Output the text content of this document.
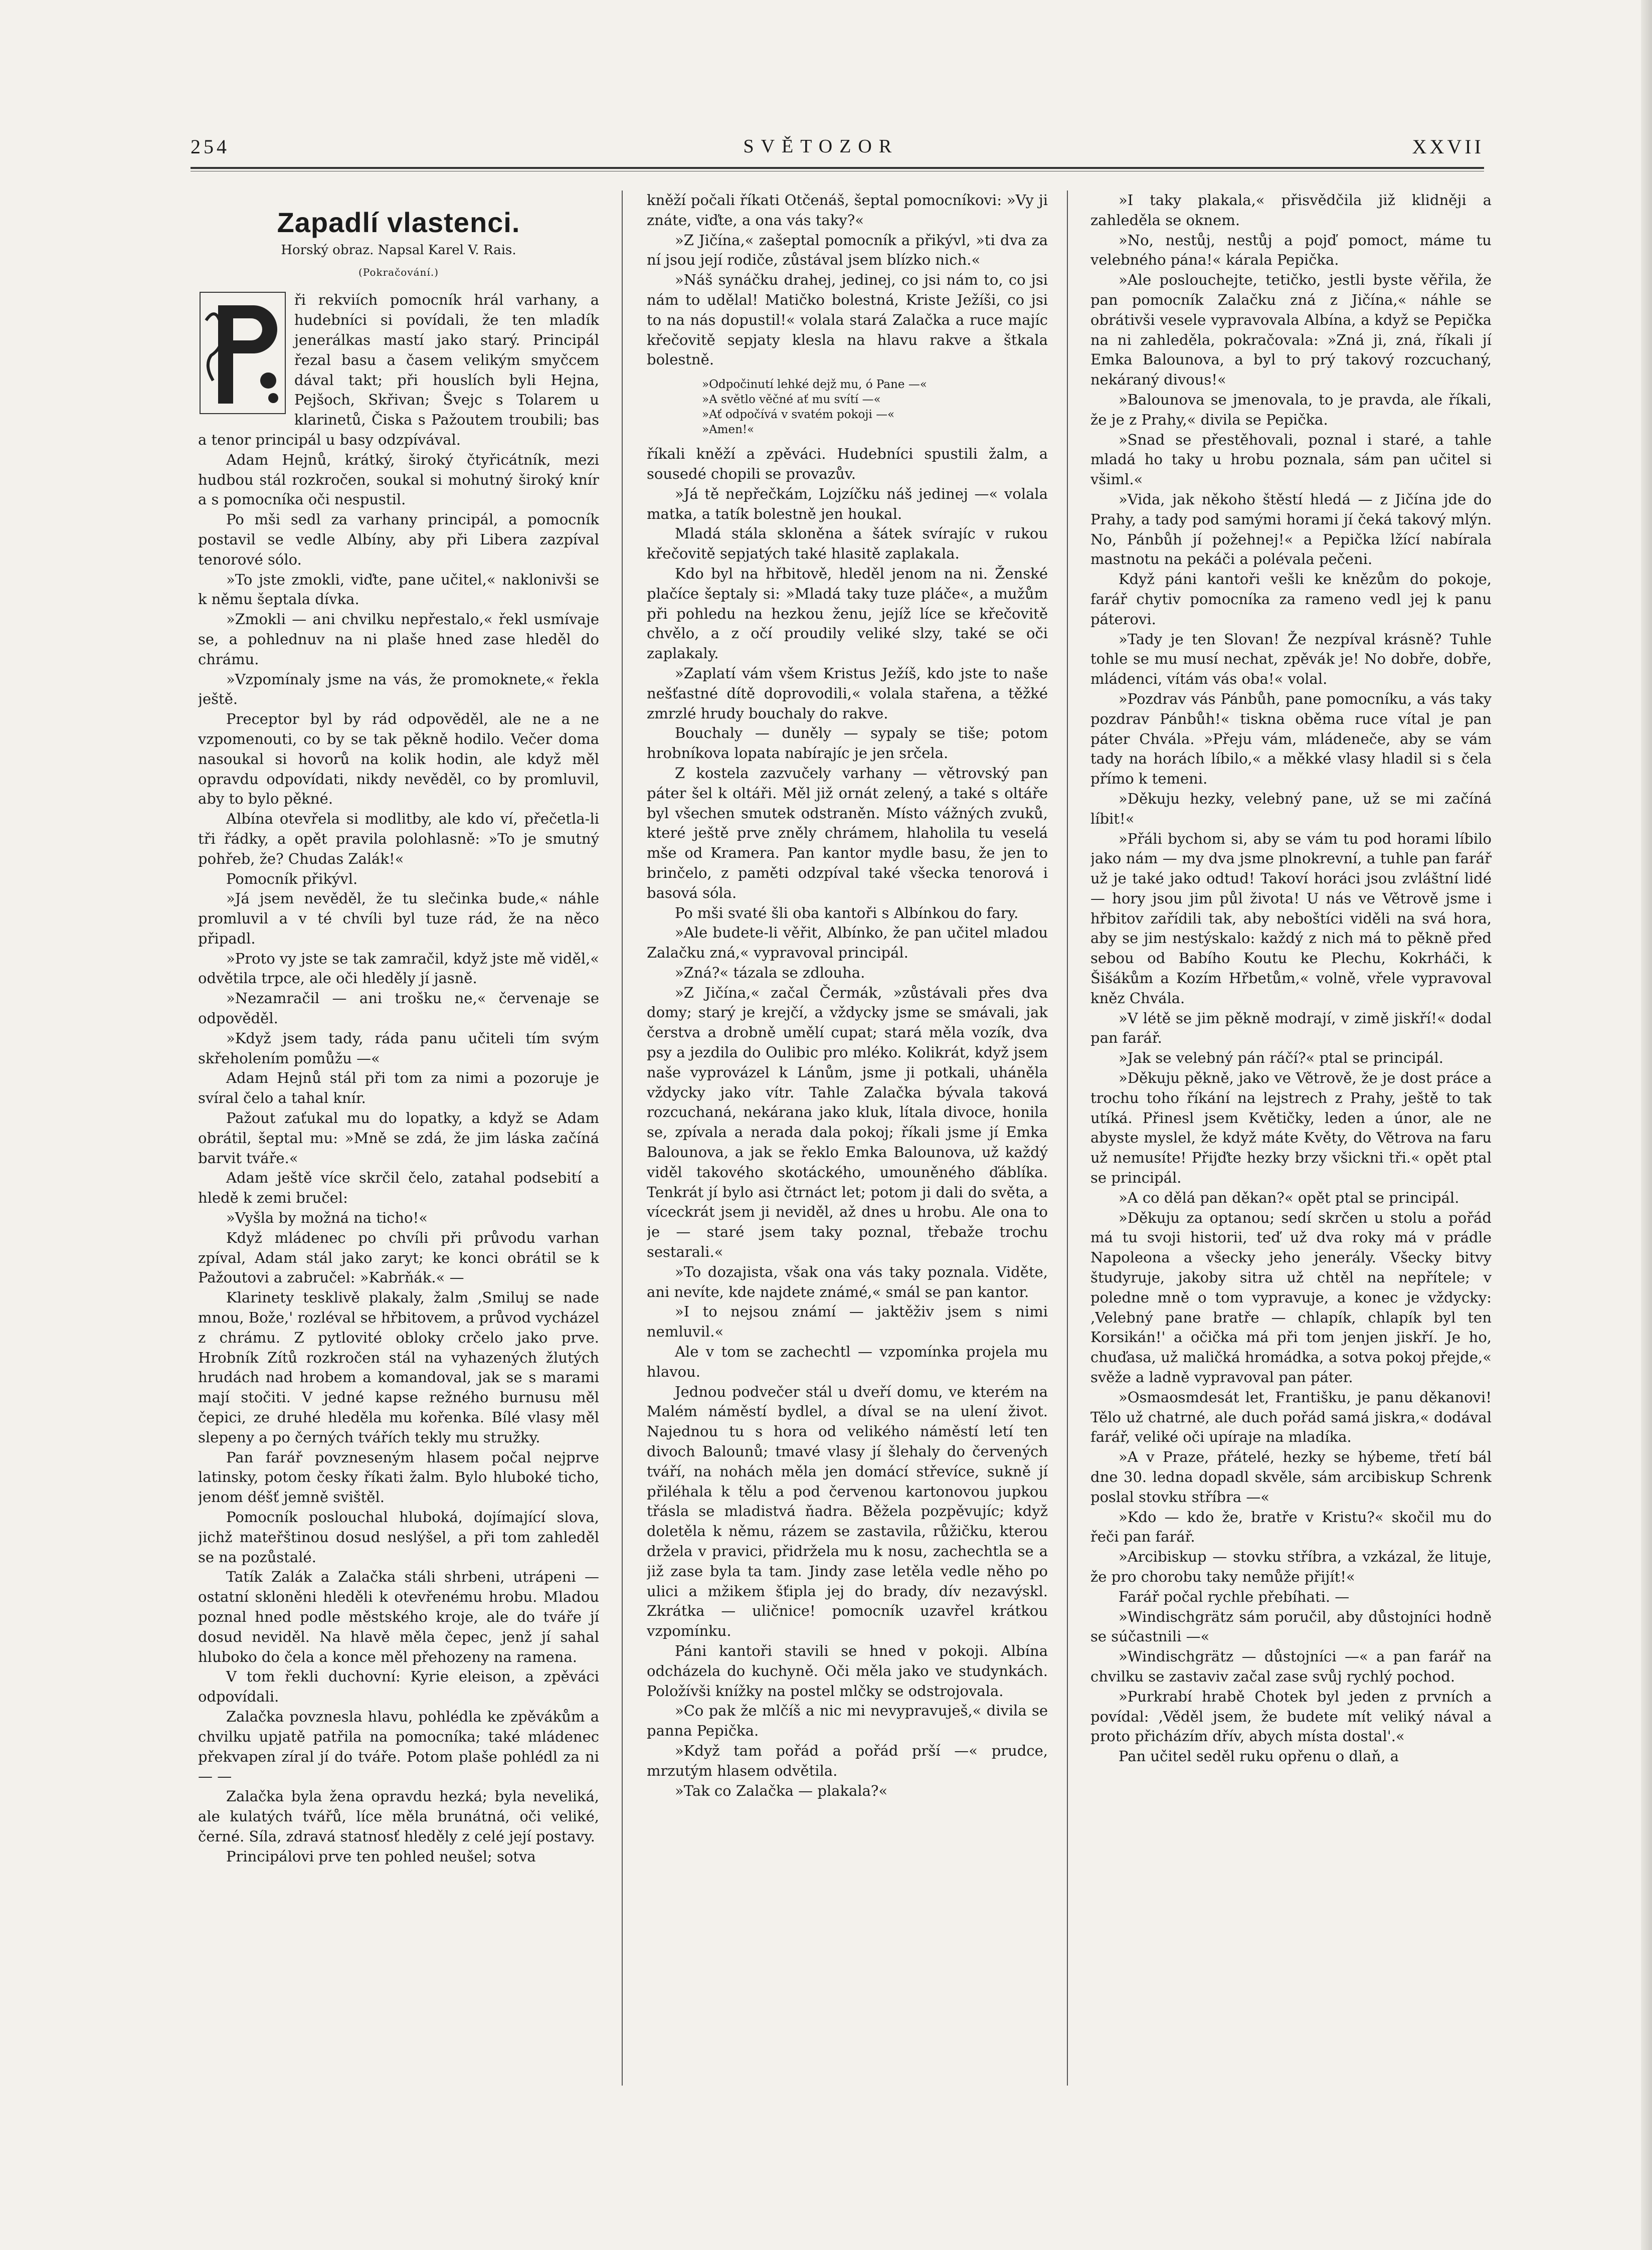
254	SVĚTOZOR	XXVII
Zapadlí vlastenci.
Horský obraz. Napsal Karel V. Rais.
(Pokračování.)
P

ři rekviích pomocník hrál varhany, a hudebníci si povídali, že ten mladík jenerálkas mastí jako starý. Principál řezal basu a časem velikým smyčcem dával takt; při houslích byli Hejna, Pejšoch, Skřivan; Švejc s Tolarem u klarinetů, Čiska s Pažoutem troubili; bas a tenor principál u basy odzpívával.

Adam Hejnů, krátký, široký čtyřicátník, mezi hudbou stál rozkročen, soukal si mohutný široký knír a s pomocníka oči nespustil.

Po mši sedl za varhany principál, a pomocník postavil se vedle Albíny, aby při Libera zazpíval tenorové sólo.

»To jste zmokli, viďte, pane učitel,« naklonivši se k němu šeptala dívka.

»Zmokli — ani chvilku nepřestalo,« řekl usmívaje se, a pohlednuv na ni plaše hned zase hleděl do chrámu.

»Vzpomínaly jsme na vás, že promoknete,« řekla ještě.

Preceptor byl by rád odpověděl, ale ne a ne vzpomenouti, co by se tak pěkně hodilo. Večer doma nasoukal si hovorů na kolik hodin, ale když měl opravdu odpovídati, nikdy nevěděl, co by promluvil, aby to bylo pěkné.

Albína otevřela si modlitby, ale kdo ví, přečetla-li tři řádky, a opět pravila polohlasně: »To je smutný pohřeb, že? Chudas Zalák!«

Pomocník přikývl.

»Já jsem nevěděl, že tu slečinka bude,« náhle promluvil a v té chvíli byl tuze rád, že na něco připadl.

»Proto vy jste se tak zamračil, když jste mě viděl,« odvětila trpce, ale oči hleděly jí jasně.

»Nezamračil — ani trošku ne,« červenaje se odpověděl.

»Když jsem tady, ráda panu učiteli tím svým skřeholením pomůžu —«

Adam Hejnů stál při tom za nimi a pozoruje je svíral čelo a tahal knír.

Pažout zaťukal mu do lopatky, a když se Adam obrátil, šeptal mu: »Mně se zdá, že jim láska začíná barvit tváře.«

Adam ještě více skrčil čelo, zatahal podsebití a hledě k zemi bručel:

»Vyšla by možná na ticho!«

Když mládenec po chvíli při průvodu varhan zpíval, Adam stál jako zaryt; ke konci obrátil se k Pažoutovi a zabručel: »Kabrňák.« —

Klarinety tesklivě plakaly, žalm ‚Smiluj se nade mnou, Bože,' rozléval se hřbitovem, a průvod vycházel z chrámu. Z pytlovité obloky crčelo jako prve. Hrobník Zítů rozkročen stál na vyhazených žlutých hrudách nad hrobem a komandoval, jak se s marami mají stočiti. V jedné kapse režného burnusu měl čepici, ze druhé hleděla mu kořenka. Bílé vlasy měl slepeny a po černých tvářích tekly mu stružky.

Pan farář povzneseným hlasem počal nejprve latinsky, potom česky říkati žalm. Bylo hluboké ticho, jenom déšť jemně svištěl.

Pomocník poslouchal hluboká, dojímající slova, jichž mateřštinou dosud neslýšel, a při tom zahleděl se na pozůstalé.

Tatík Zalák a Zalačka stáli shrbeni, utrápeni — ostatní skloněni hleděli k otevřenému hrobu. Mladou poznal hned podle městského kroje, ale do tváře jí dosud neviděl. Na hlavě měla čepec, jenž jí sahal hluboko do čela a konce měl přehozeny na ramena.

V tom řekli duchovní: Kyrie eleison, a zpěváci odpovídali.

Zalačka povznesla hlavu, pohlédla ke zpěvákům a chvilku upjatě patřila na pomocníka; také mládenec překvapen zíral jí do tváře. Potom plaše pohlédl za ni — —

Zalačka byla žena opravdu hezká; byla neveliká, ale kulatých tvářů, líce měla brunátná, oči veliké, černé. Síla, zdravá statnosť hleděly z celé její postavy.

Principálovi prve ten pohled neušel; sotva

kněží počali říkati Otčenáš, šeptal pomocníkovi: »Vy ji znáte, viďte, a ona vás taky?«

»Z Jičína,« zašeptal pomocník a přikývl, »ti dva za ní jsou její rodiče, zůstával jsem blízko nich.«

»Náš synáčku drahej, jedinej, co jsi nám to, co jsi nám to udělal! Matičko bolestná, Kriste Ježíši, co jsi to na nás dopustil!« volala stará Zalačka a ruce majíc křečovitě sepjaty klesla na hlavu rakve a štkala bolestně.

»Odpočinutí lehké dejž mu, ó Pane —«
»A světlo věčné ať mu svítí —«
»Ať odpočívá v svatém pokoji —«
»Amen!«

říkali kněží a zpěváci. Hudebníci spustili žalm, a sousedé chopili se provazův.

»Já tě nepřečkám, Lojzíčku náš jedinej —« volala matka, a tatík bolestně jen houkal.

Mladá stála skloněna a šátek svírajíc v rukou křečovitě sepjatých také hlasitě zaplakala.

Kdo byl na hřbitově, hleděl jenom na ni. Ženské plačíce šeptaly si: »Mladá taky tuze pláče«, a mužům při pohledu na hezkou ženu, jejíž líce se křečovitě chvělo, a z očí proudily veliké slzy, také se oči zaplakaly.

»Zaplatí vám všem Kristus Ježíš, kdo jste to naše nešťastné dítě doprovodili,« volala stařena, a těžké zmrzlé hrudy bouchaly do rakve.

Bouchaly — duněly — sypaly se tiše; potom hrobníkova lopata nabírajíc je jen srčela.

Z kostela zazvučely varhany — větrovský pan páter šel k oltáři. Měl již ornát zelený, a také s oltáře byl všechen smutek odstraněn. Místo vážných zvuků, které ještě prve zněly chrámem, hlaholila tu veselá mše od Kramera. Pan kantor mydle basu, že jen to brinčelo, z paměti odzpíval také všecka tenorová i basová sóla.

Po mši svaté šli oba kantoři s Albínkou do fary.

»Ale budete-li věřit, Albínko, že pan učitel mladou Zalačku zná,« vypravoval principál.

»Zná?« tázala se zdlouha.

»Z Jičína,« začal Čermák, »zůstávali přes dva domy; starý je krejčí, a vždycky jsme se smávali, jak čerstva a drobně umělí cupat; stará měla vozík, dva psy a jezdila do Oulibic pro mléko. Kolikrát, když jsem naše vyprovázel k Lánům, jsme ji potkali, uháněla vždycky jako vítr. Tahle Zalačka bývala taková rozcuchaná, nekárana jako kluk, lítala divoce, honila se, zpívala a nerada dala pokoj; říkali jsme jí Emka Balounova, a jak se řeklo Emka Balounova, už každý viděl takového skotáckého, umouněného ďáblíka. Tenkrát jí bylo asi čtrnáct let; potom ji dali do světa, a víceckrát jsem ji neviděl, až dnes u hrobu. Ale ona to je — staré jsem taky poznal, třebaže trochu sestarali.«

»To dozajista, však ona vás taky poznala. Viděte, ani nevíte, kde najdete známé,« smál se pan kantor.

»I to nejsou známí — jaktěživ jsem s nimi nemluvil.«

Ale v tom se zachechtl — vzpomínka projela mu hlavou.

Jednou podvečer stál u dveří domu, ve kterém na Malém náměstí bydlel, a díval se na ulení život. Najednou tu s hora od velikého náměstí letí ten divoch Balounů; tmavé vlasy jí šlehaly do červených tváří, na nohách měla jen domácí střevíce, sukně jí přiléhala k tělu a pod červenou kartonovou jupkou třásla se mladistvá ňadra. Běžela pozpěvujíc; když doletěla k němu, rázem se zastavila, růžičku, kterou držela v pravici, přidrželа mu k nosu, zachechtla se a již zase byla ta tam. Jindy zase letěla vedle něho po ulici a mžikem šťipla jej do brady, dív nezavýskl. Zkrátka — uličnice! pomocník uzavřel krátkou vzpomínku.

Páni kantoři stavili se hned v pokoji. Albína odcházela do kuchyně. Oči měla jako ve studynkách. Položívši knížky na postel mlčky se odstrojovala.

»Co pak že mlčíš a nic mi nevypravuješ,« divila se panna Pepička.

»Když tam pořád a pořád prší —« prudce, mrzutým hlasem odvětila.

»Tak co Zalačka — plakala?«

»I taky plakala,« přisvědčila již klidněji a zahleděla se oknem.

»No, nestůj, nestůj a pojď pomoct, máme tu velebného pána!« kárala Pepička.

»Ale poslouchejte, tetičko, jestli byste věřila, že pan pomocník Zalačku zná z Jičína,« náhle se obrátivši vesele vypravovala Albína, a když se Pepička na ni zahleděla, pokračovala: »Zná ji, zná, říkali jí Emka Balounova, a byl to prý takový rozcuchaný, nekárаný divous!«

»Balounova se jmenovala, to je pravda, ale říkali, že je z Prahy,« divila se Pepička.

»Snad se přestěhovali, poznal i staré, a tahle mladá ho taky u hrobu poznala, sám pan učitel si všiml.«

»Vida, jak někoho štěstí hledá — z Jičína jde do Prahy, a tady pod samými horami jí čeká takový mlýn. No, Pánbůh jí požehnej!« a Pepička lžící nabírala mastnotu na pekáči a polévala pečeni.

Když páni kantoři vešli ke knězům do pokoje, farář chytiv pomocníka za rameno vedl jej k panu páterovi.

»Tady je ten Slovan! Že nezpíval krásně? Tuhle tohle se mu musí nechat, zpěvák je! No dobře, dobře, mládenci, vítám vás oba!« volal.

»Pozdrav vás Pánbůh, pane pomocníku, a vás taky pozdrav Pánbůh!« tiskna oběma ruce vítal je pan páter Chvála. »Přeju vám, mládeneče, aby se vám tady na horách líbilo,« a měkké vlasy hladil si s čela přímo k temeni.

»Děkuju hezky, velebný pane, už se mi začíná líbit!«

»Přáli bychom si, aby se vám tu pod horami líbilo jako nám — my dva jsme plnokrevní, a tuhle pan farář už je také jako odtud! Takoví horáci jsou zvláštní lidé — hory jsou jim půl života! U nás ve Větrově jsme i hřbitov zařídili tak, aby neboštíci viděli na svá hora, aby se jim nestýskalo: každý z nich má to pěkně před sebou od Babího Koutu ke Plechu, Kokrháči, k Šišákům a Kozím Hřbetům,« volně, vřele vypravoval kněz Chvála.

»V létě se jim pěkně modrají, v zimě jiskří!« dodal pan farář.

»Jak se velebný pán ráčí?« ptal se principál.

»Děkuju pěkně, jako ve Větrově, že je dost práce a trochu toho říkání na lejstrech z Prahy, ještě to tak utíká. Přinesl jsem Květičky, leden a únor, ale ne abyste myslel, že když máte Květy, do Větrova na faru už nemusíte! Přijďte hezky brzy všickni tři.« opět ptal se principál.

»A co dělá pan děkan?« opět ptal se principál.

»Děkuju za optanou; sedí skrčen u stolu a pořád má tu svoji historii, teď už dva roky má v prádle Napoleona a všecky jeho jenerály. Všecky bitvy študyruje, jakoby sitra už chtěl na nepřítele; v poledne mně o tom vypravuje, a konec je vždycky: ‚Velebný pane bratře — chlapík, chlapík byl ten Korsikán!' a očička má při tom jenjen jiskří. Je ho, chuďasa, už maličká hromádka, a sotva pokoj přejde,« svěže a ladně vypravoval pan páter.

»Osmaosmdesát let, Františku, je panu děkanovi! Tělo už chatrné, ale duch pořád samá jiskra,« dodával farář, veliké oči upíraje na mladíka.

»A v Praze, přátelé, hezky se hýbeme, třetí bál dne 30. ledna dopadl skvěle, sám arcibiskup Schrenk poslal stovku stříbra —«

»Kdo — kdo že, bratře v Kristu?« skočil mu do řeči pan farář.

»Arcibiskup — stovku stříbra, a vzkázal, že lituje, že pro chorobu taky nemůže přijít!«

Farář počal rychle přebíhati. —

»Windischgrätz sám poručil, aby důstojníci hodně se súčastnili —«

»Windischgrätz — důstojníci —« a pan farář na chvilku se zastaviv začal zase svůj rychlý pochod.

»Purkrabí hrabě Chotek byl jeden z prvních a povídal: ‚Věděl jsem, že budete mít veliký nával a proto přicházím dřív, abych místa dostal'.«

Pan učitel seděl ruku opřenu o dlaň, a
